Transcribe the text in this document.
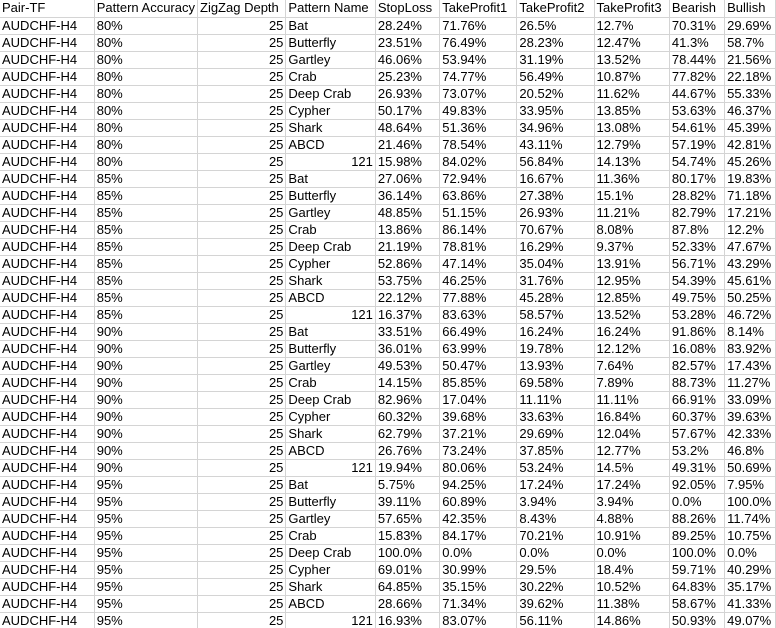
Pair-TF	Pattern Accuracy	ZigZag Depth	Pattern Name	StopLoss	TakeProfit1	TakeProfit2	TakeProfit3	Bearish	Bullish
AUDCHF-H4	80%	25	Bat	28.24%	71.76%	26.5%	12.7%	70.31%	29.69%
AUDCHF-H4	80%	25	Butterfly	23.51%	76.49%	28.23%	12.47%	41.3%	58.7%
AUDCHF-H4	80%	25	Gartley	46.06%	53.94%	31.19%	13.52%	78.44%	21.56%
AUDCHF-H4	80%	25	Crab	25.23%	74.77%	56.49%	10.87%	77.82%	22.18%
AUDCHF-H4	80%	25	Deep Crab	26.93%	73.07%	20.52%	11.62%	44.67%	55.33%
AUDCHF-H4	80%	25	Cypher	50.17%	49.83%	33.95%	13.85%	53.63%	46.37%
AUDCHF-H4	80%	25	Shark	48.64%	51.36%	34.96%	13.08%	54.61%	45.39%
AUDCHF-H4	80%	25	ABCD	21.46%	78.54%	43.11%	12.79%	57.19%	42.81%
AUDCHF-H4	80%	25	121	15.98%	84.02%	56.84%	14.13%	54.74%	45.26%
AUDCHF-H4	85%	25	Bat	27.06%	72.94%	16.67%	11.36%	80.17%	19.83%
AUDCHF-H4	85%	25	Butterfly	36.14%	63.86%	27.38%	15.1%	28.82%	71.18%
AUDCHF-H4	85%	25	Gartley	48.85%	51.15%	26.93%	11.21%	82.79%	17.21%
AUDCHF-H4	85%	25	Crab	13.86%	86.14%	70.67%	8.08%	87.8%	12.2%
AUDCHF-H4	85%	25	Deep Crab	21.19%	78.81%	16.29%	9.37%	52.33%	47.67%
AUDCHF-H4	85%	25	Cypher	52.86%	47.14%	35.04%	13.91%	56.71%	43.29%
AUDCHF-H4	85%	25	Shark	53.75%	46.25%	31.76%	12.95%	54.39%	45.61%
AUDCHF-H4	85%	25	ABCD	22.12%	77.88%	45.28%	12.85%	49.75%	50.25%
AUDCHF-H4	85%	25	121	16.37%	83.63%	58.57%	13.52%	53.28%	46.72%
AUDCHF-H4	90%	25	Bat	33.51%	66.49%	16.24%	16.24%	91.86%	8.14%
AUDCHF-H4	90%	25	Butterfly	36.01%	63.99%	19.78%	12.12%	16.08%	83.92%
AUDCHF-H4	90%	25	Gartley	49.53%	50.47%	13.93%	7.64%	82.57%	17.43%
AUDCHF-H4	90%	25	Crab	14.15%	85.85%	69.58%	7.89%	88.73%	11.27%
AUDCHF-H4	90%	25	Deep Crab	82.96%	17.04%	11.11%	11.11%	66.91%	33.09%
AUDCHF-H4	90%	25	Cypher	60.32%	39.68%	33.63%	16.84%	60.37%	39.63%
AUDCHF-H4	90%	25	Shark	62.79%	37.21%	29.69%	12.04%	57.67%	42.33%
AUDCHF-H4	90%	25	ABCD	26.76%	73.24%	37.85%	12.77%	53.2%	46.8%
AUDCHF-H4	90%	25	121	19.94%	80.06%	53.24%	14.5%	49.31%	50.69%
AUDCHF-H4	95%	25	Bat	5.75%	94.25%	17.24%	17.24%	92.05%	7.95%
AUDCHF-H4	95%	25	Butterfly	39.11%	60.89%	3.94%	3.94%	0.0%	100.0%
AUDCHF-H4	95%	25	Gartley	57.65%	42.35%	8.43%	4.88%	88.26%	11.74%
AUDCHF-H4	95%	25	Crab	15.83%	84.17%	70.21%	10.91%	89.25%	10.75%
AUDCHF-H4	95%	25	Deep Crab	100.0%	0.0%	0.0%	0.0%	100.0%	0.0%
AUDCHF-H4	95%	25	Cypher	69.01%	30.99%	29.5%	18.4%	59.71%	40.29%
AUDCHF-H4	95%	25	Shark	64.85%	35.15%	30.22%	10.52%	64.83%	35.17%
AUDCHF-H4	95%	25	ABCD	28.66%	71.34%	39.62%	11.38%	58.67%	41.33%
AUDCHF-H4	95%	25	121	16.93%	83.07%	56.11%	14.86%	50.93%	49.07%
